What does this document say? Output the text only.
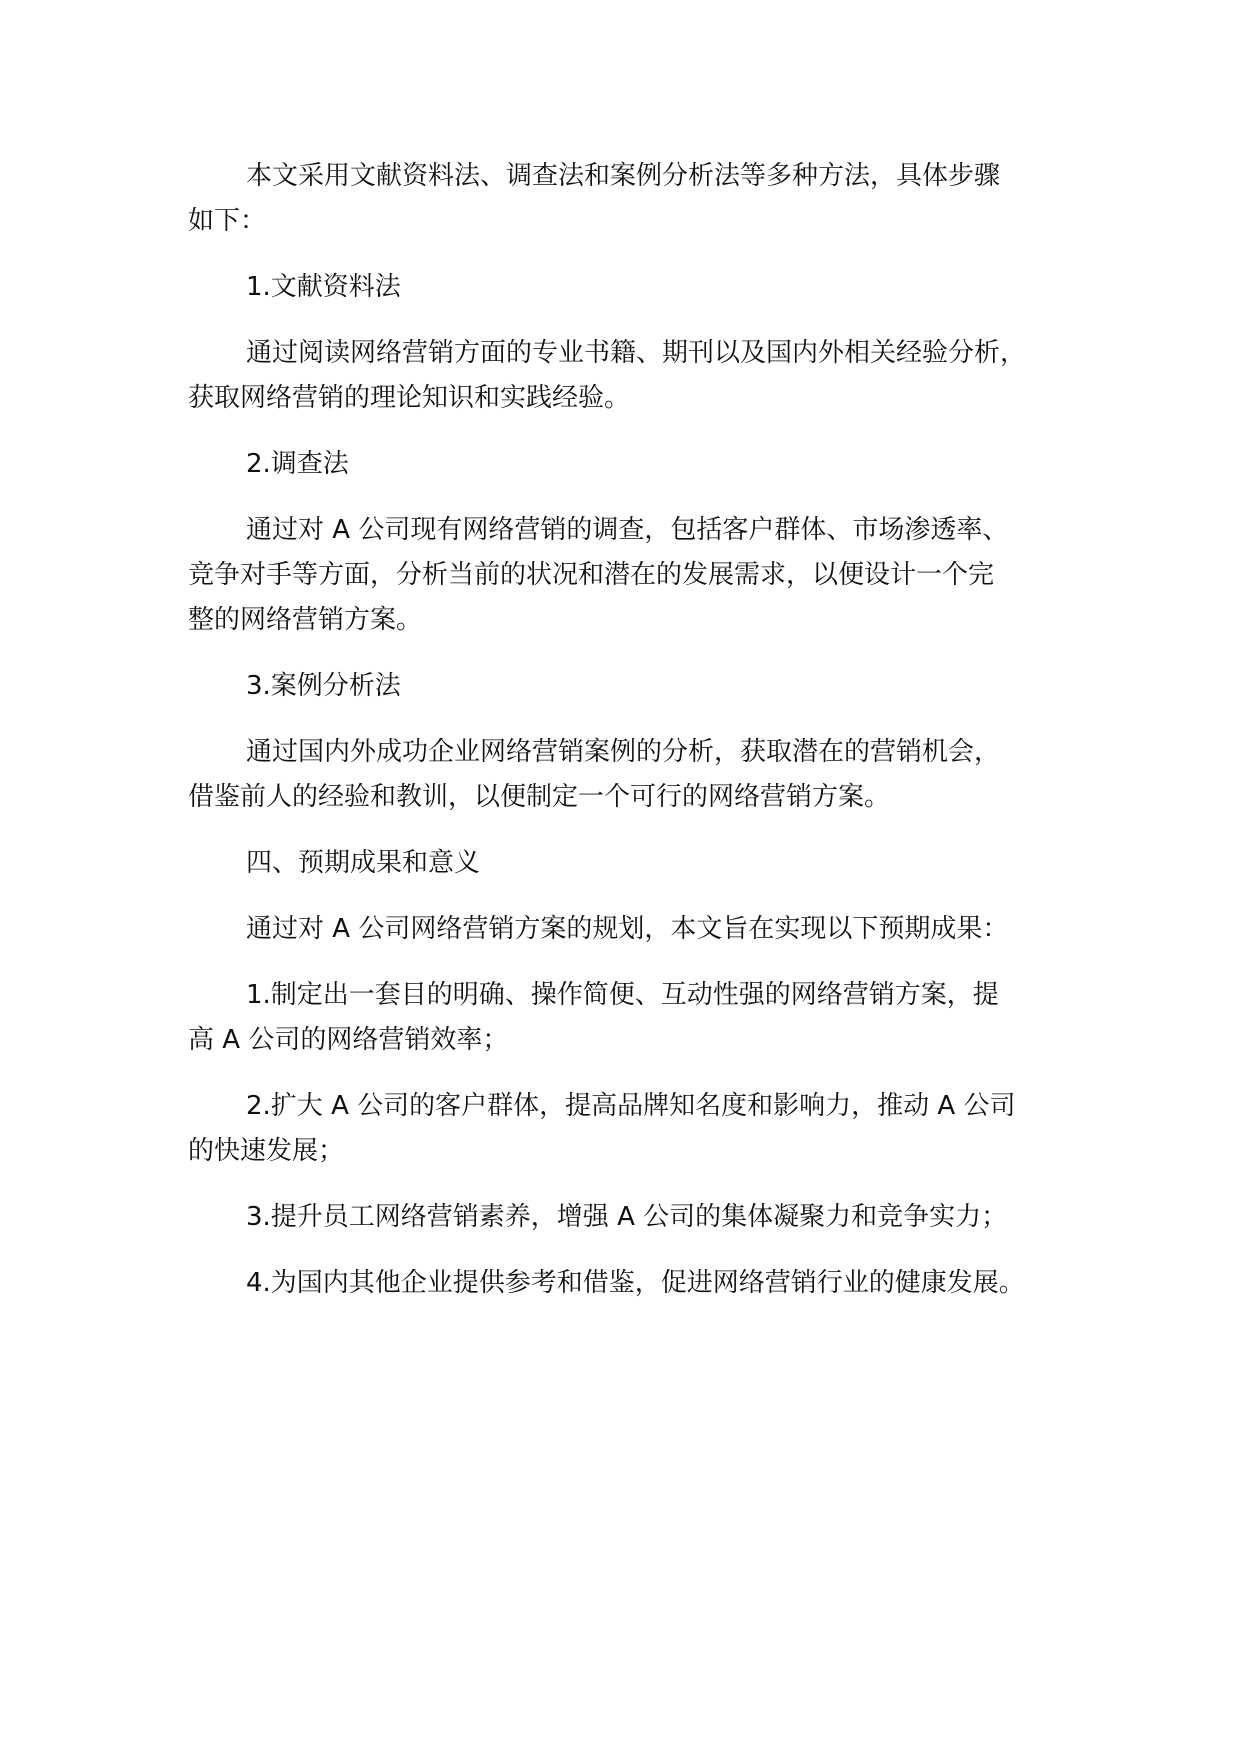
本文采用文献资料法、调查法和案例分析法等多种方法，具体步骤
如下：

1.文献资料法

通过阅读网络营销方面的专业书籍、期刊以及国内外相关经验分析，
获取网络营销的理论知识和实践经验。

2.调查法

通过对 A 公司现有网络营销的调查，包括客户群体、市场渗透率、
竞争对手等方面，分析当前的状况和潜在的发展需求，以便设计一个完
整的网络营销方案。

3.案例分析法

通过国内外成功企业网络营销案例的分析，获取潜在的营销机会，
借鉴前人的经验和教训，以便制定一个可行的网络营销方案。

四、预期成果和意义

通过对 A 公司网络营销方案的规划，本文旨在实现以下预期成果：

1.制定出一套目的明确、操作简便、互动性强的网络营销方案，提
高 A 公司的网络营销效率；

2.扩大 A 公司的客户群体，提高品牌知名度和影响力，推动 A 公司
的快速发展；

3.提升员工网络营销素养，增强 A 公司的集体凝聚力和竞争实力；

4.为国内其他企业提供参考和借鉴，促进网络营销行业的健康发展。
